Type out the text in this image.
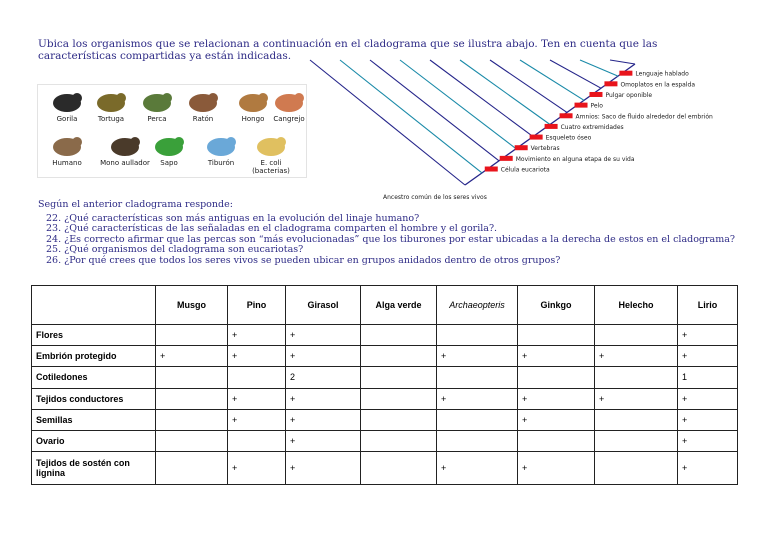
Ubica los organismos que se relacionan a continuación en el cladograma que se ilustra abajo. Ten en cuenta que las características compartidas ya están indicadas.
Gorila	Tortuga	Perca	Ratón	Hongo	Cangrejo
Humano	Mono aullador	Sapo	Tiburón	E. coli (bacterias)
Lenguaje hablado
Omoplatos en la espalda
Pulgar oponible
Pelo
Amnios: Saco de fluido alrededor del embrión
Cuatro extremidades
Esqueleto óseo
Vertebras
Movimiento en alguna etapa de su vida
Célula eucariota
Ancestro común de los seres vivos
Según el anterior cladograma responde:
22. ¿Qué características son más antiguas en la evolución del linaje humano?
23. ¿Qué características de las señaladas en el cladograma comparten el hombre y el gorila?.
24. ¿Es correcto afirmar que las percas son “más evolucionadas” que los tiburones por estar ubicadas a la derecha de estos en el cladograma?
25. ¿Qué organismos del cladograma son eucariotas?
26. ¿Por qué crees que todos los seres vivos se pueden ubicar en grupos anidados dentro de otros grupos?
	Musgo	Pino	Girasol	Alga verde	Archaeopteris	Ginkgo	Helecho	Lirio
Flores		+	+					+
Embrión protegido	+	+	+		+	+	+	+
Cotiledones			2					1
Tejidos conductores		+	+		+	+	+	+
Semillas		+	+			+		+
Ovario			+					+
Tejidos de sostén con lignina		+	+		+	+		+
